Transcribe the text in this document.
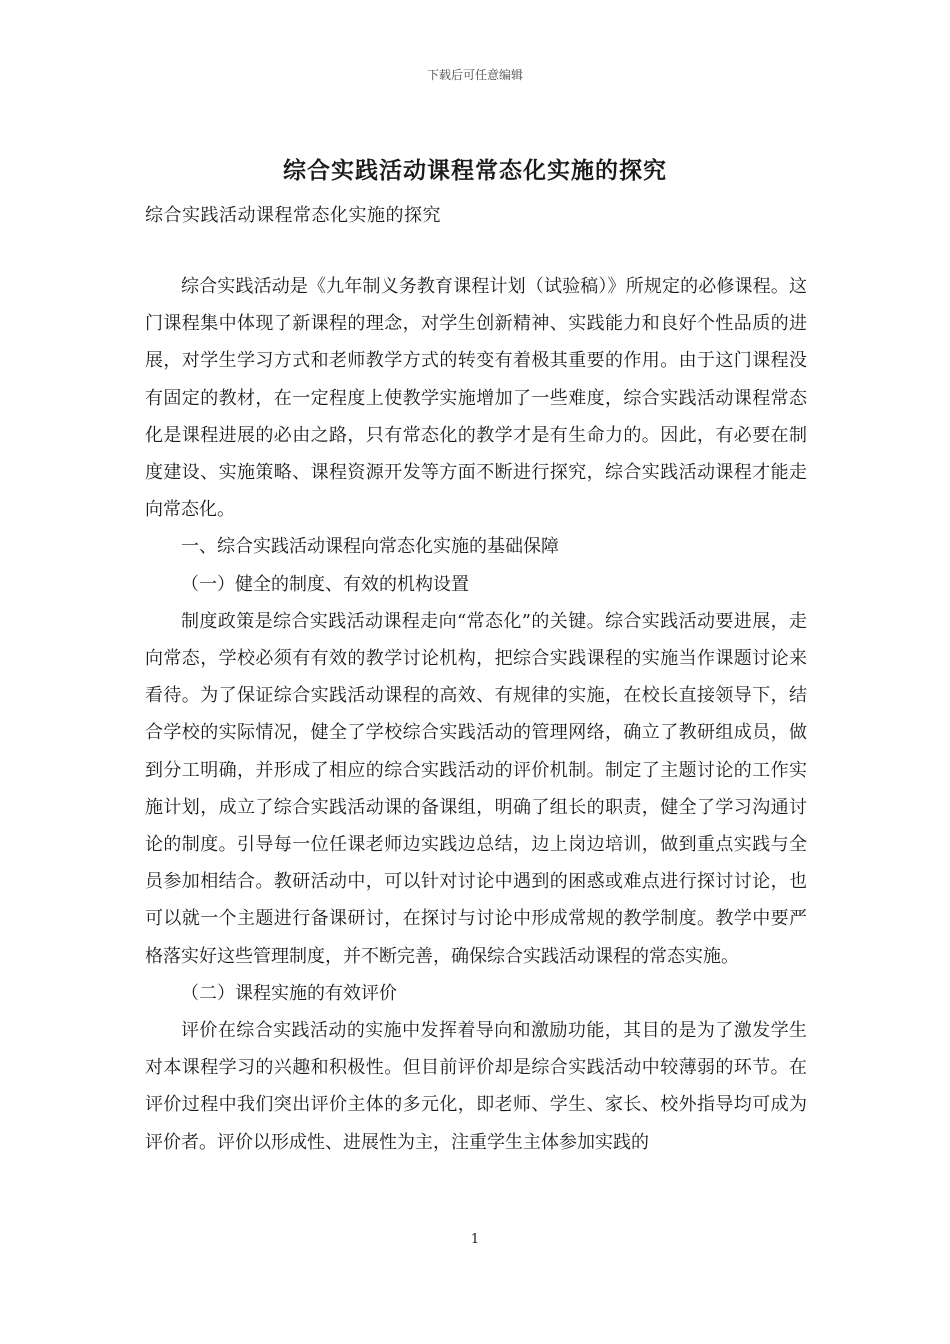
下载后可任意编辑
综合实践活动课程常态化实施的探究
综合实践活动课程常态化实施的探究

综合实践活动是《九年制义务教育课程计划（试验稿）》所规定的必修课程。这门课程集中体现了新课程的理念，对学生创新精神、实践能力和良好个性品质的进展，对学生学习方式和老师教学方式的转变有着极其重要的作用。由于这门课程没有固定的教材，在一定程度上使教学实施增加了一些难度，综合实践活动课程常态化是课程进展的必由之路，只有常态化的教学才是有生命力的。因此，有必要在制度建设、实施策略、课程资源开发等方面不断进行探究，综合实践活动课程才能走向常态化。

一、综合实践活动课程向常态化实施的基础保障

（一）健全的制度、有效的机构设置

制度政策是综合实践活动课程走向“常态化”的关键。综合实践活动要进展，走向常态，学校必须有有效的教学讨论机构，把综合实践课程的实施当作课题讨论来看待。为了保证综合实践活动课程的高效、有规律的实施，在校长直接领导下，结合学校的实际情况，健全了学校综合实践活动的管理网络，确立了教研组成员，做到分工明确，并形成了相应的综合实践活动的评价机制。制定了主题讨论的工作实施计划，成立了综合实践活动课的备课组，明确了组长的职责，健全了学习沟通讨论的制度。引导每一位任课老师边实践边总结，边上岗边培训，做到重点实践与全员参加相结合。教研活动中，可以针对讨论中遇到的困惑或难点进行探讨讨论，也可以就一个主题进行备课研讨，在探讨与讨论中形成常规的教学制度。教学中要严格落实好这些管理制度，并不断完善，确保综合实践活动课程的常态实施。

（二）课程实施的有效评价

评价在综合实践活动的实施中发挥着导向和激励功能，其目的是为了激发学生对本课程学习的兴趣和积极性。但目前评价却是综合实践活动中较薄弱的环节。在评价过程中我们突出评价主体的多元化，即老师、学生、家长、校外指导均可成为评价者。评价以形成性、进展性为主，注重学生主体参加实践的

1
